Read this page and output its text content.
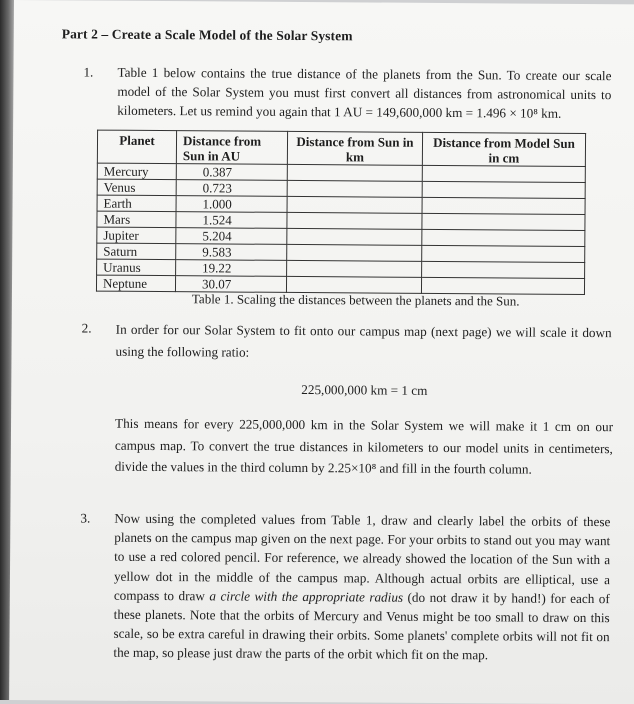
Part 2 – Create a Scale Model of the Solar System
1. Table 1 below contains the true distance of the planets from the Sun. To create our scale model of the Solar System you must first convert all distances from astronomical units to kilometers. Let us remind you again that 1 AU = 149,600,000 km = 1.496 × 10⁸ km.
Planet	Distance from Sun in AU	Distance from Sun in km	Distance from Model Sun in cm
Mercury	0.387		
Venus	0.723		
Earth	1.000		
Mars	1.524		
Jupiter	5.204		
Saturn	9.583		
Uranus	19.22		
Neptune	30.07		
Table 1. Scaling the distances between the planets and the Sun.
2. In order for our Solar System to fit onto our campus map (next page) we will scale it down using the following ratio:
225,000,000 km = 1 cm
This means for every 225,000,000 km in the Solar System we will make it 1 cm on our campus map. To convert the true distances in kilometers to our model units in centimeters, divide the values in the third column by 2.25×10⁸ and fill in the fourth column.
3. Now using the completed values from Table 1, draw and clearly label the orbits of these planets on the campus map given on the next page. For your orbits to stand out you may want to use a red colored pencil. For reference, we already showed the location of the Sun with a yellow dot in the middle of the campus map. Although actual orbits are elliptical, use a compass to draw a circle with the appropriate radius (do not draw it by hand!) for each of these planets. Note that the orbits of Mercury and Venus might be too small to draw on this scale, so be extra careful in drawing their orbits. Some planets' complete orbits will not fit on the map, so please just draw the parts of the orbit which fit on the map.
